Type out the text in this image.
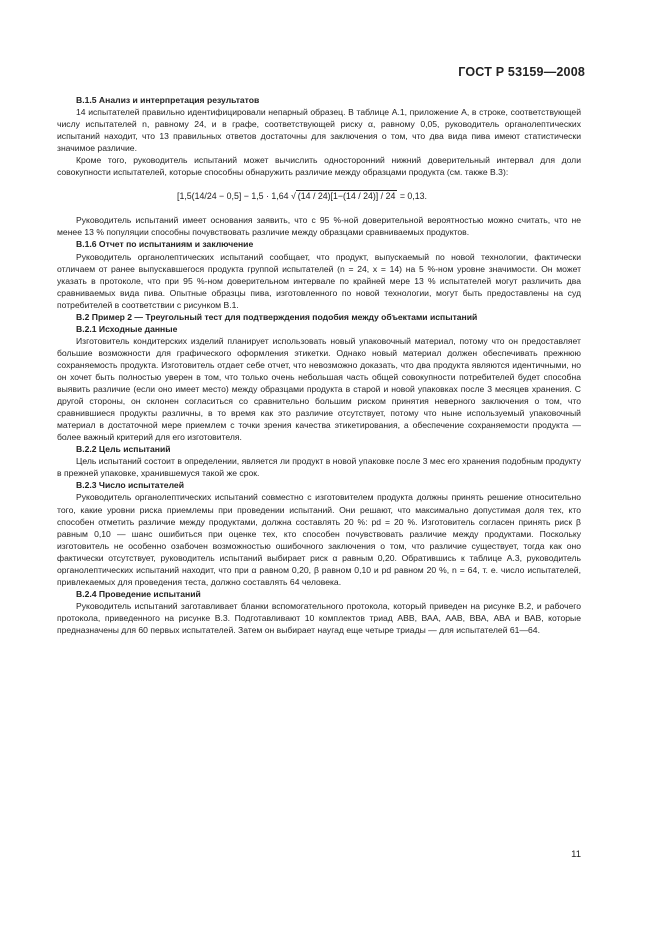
ГОСТ Р 53159—2008

В.1.5 Анализ и интерпретация результатов

14 испытателей правильно идентифицировали непарный образец. В таблице А.1, приложение А, в строке, соответствующей числу испытателей n, равному 24, и в графе, соответствующей риску α, равному 0,05, руководитель органолептических испытаний находит, что 13 правильных ответов достаточны для заключения о том, что два вида пива имеют статистически значимое различие.

Кроме того, руководитель испытаний может вычислить односторонний нижний доверительный интервал для доли совокупности испытателей, которые способны обнаружить различие между образцами продукта (см. также В.3):

[1,5(14/24 − 0,5] − 1,5 · 1,64 √ (14 / 24)[1−(14 / 24)] / 24 = 0,13.

Руководитель испытаний имеет основания заявить, что с 95 %-ной доверительной вероятностью можно считать, что не менее 13 % популяции способны почувствовать различие между образцами сравниваемых продуктов.

В.1.6 Отчет по испытаниям и заключение

Руководитель органолептических испытаний сообщает, что продукт, выпускаемый по новой технологии, фактически отличаем от ранее выпускавшегося продукта группой испытателей (n = 24, x = 14) на 5 %-ном уровне значимости. Он может указать в протоколе, что при 95 %-ном доверительном интервале по крайней мере 13 % испытателей могут различить два сравниваемых вида пива. Опытные образцы пива, изготовленного по новой технологии, могут быть предоставлены на суд потребителей в соответствии с рисунком В.1.

В.2 Пример 2 — Треугольный тест для подтверждения подобия между объектами испытаний

В.2.1 Исходные данные

Изготовитель кондитерских изделий планирует использовать новый упаковочный материал, потому что он предоставляет большие возможности для графического оформления этикетки. Однако новый материал должен обеспечивать прежнюю сохраняемость продукта. Изготовитель отдает себе отчет, что невозможно доказать, что два продукта являются идентичными, но он хочет быть полностью уверен в том, что только очень небольшая часть общей совокупности потребителей будет способна выявить различие (если оно имеет место) между образцами продукта в старой и новой упаковках после 3 месяцев хранения. С другой стороны, он склонен согласиться со сравнительно большим риском принятия неверного заключения о том, что сравнившиеся продукты различны, в то время как это различие отсутствует, потому что ныне используемый упаковочный материал в достаточной мере приемлем с точки зрения качества этикетирования, а обеспечение сохраняемости продукта — более важный критерий для его изготовителя.

В.2.2 Цель испытаний

Цель испытаний состоит в определении, является ли продукт в новой упаковке после 3 мес его хранения подобным продукту в прежней упаковке, хранившемуся такой же срок.

В.2.3 Число испытателей

Руководитель органолептических испытаний совместно с изготовителем продукта должны принять решение относительно того, какие уровни риска приемлемы при проведении испытаний. Они решают, что максимально допустимая доля тех, кто способен отметить различие между продуктами, должна составлять 20 %: pd = 20 %. Изготовитель согласен принять риск β равным 0,10 — шанс ошибиться при оценке тех, кто способен почувствовать различие между продуктами. Поскольку изготовитель не особенно озабочен возможностью ошибочного заключения о том, что различие существует, тогда как оно фактически отсутствует, руководитель испытаний выбирает риск α равным 0,20. Обратившись к таблице А.3, руководитель органолептических испытаний находит, что при α равном 0,20, β равном 0,10 и pd равном 20 %, n = 64, т. е. число испытателей, привлекаемых для проведения теста, должно составлять 64 человека.

В.2.4 Проведение испытаний

Руководитель испытаний заготавливает бланки вспомогательного протокола, который приведен на рисунке В.2, и рабочего протокола, приведенного на рисунке В.3. Подготавливают 10 комплектов триад АВВ, ВАА, ААВ, ВВА, АВА и ВАВ, которые предназначены для 60 первых испытателей. Затем он выбирает наугад еще четыре триады — для испытателей 61—64.

11
